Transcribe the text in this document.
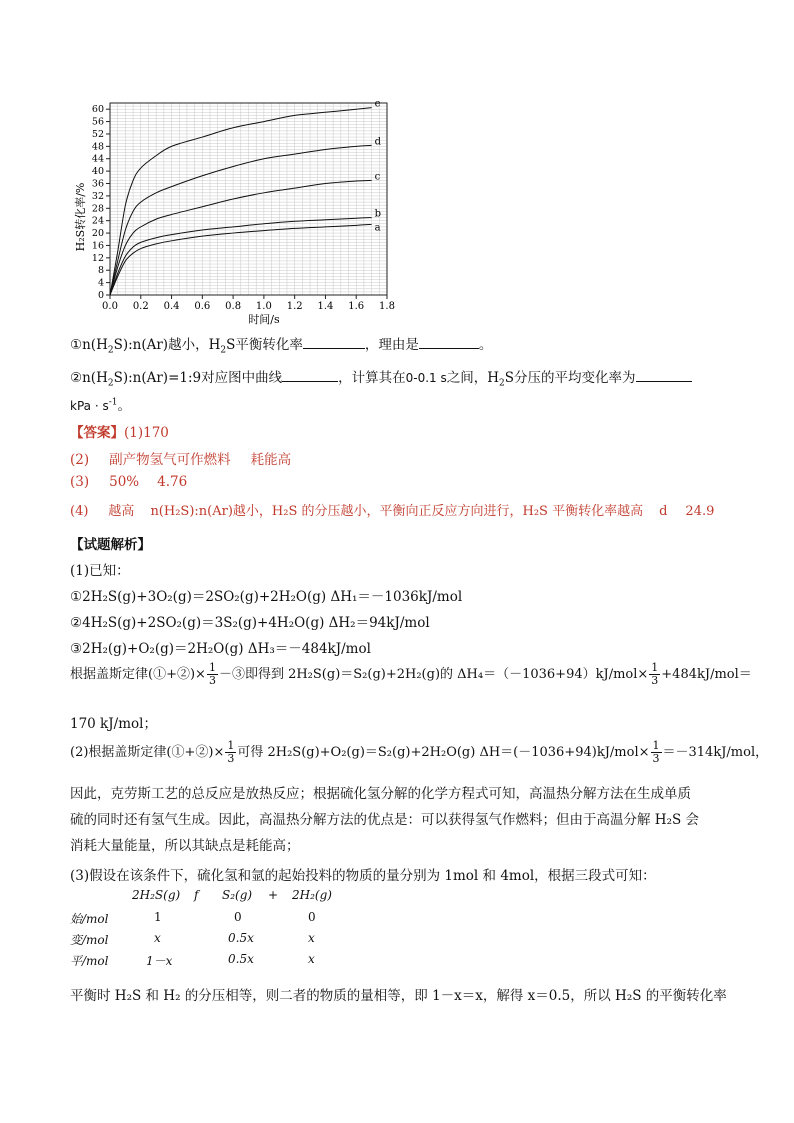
0.0 0.2 0.4 0.6 0.8 1.0 1.2 1.4 1.6 1.8
0
4
8
12
16
20
24
28
32
36
40
44
48
52
56
60
e
d
c
b
a
H₂S转化率/%
时间/s
$①n(H_2S):n(Ar)$越小，$H_2S$平衡转化率	，理由是	。
$②n(H_2S):n(Ar)=1:9$对应图中曲线	，计算其在0-0.1 s之间，$H_2S$分压的平均变化率为
kPa · $s^{-1}$。
【答案】(1)170
(2) 副产物氢气可作燃料 耗能高
(3) 50% 4.76
(4) 越高 n(H₂S):n(Ar)越小，H₂S 的分压越小，平衡向正反应方向进行，H₂S 平衡转化率越高 d 24.9
【试题解析】
(1)已知：
①2H₂S(g)+3O₂(g)＝2SO₂(g)+2H₂O(g) ΔH₁＝－1036kJ/mol
②4H₂S(g)+2SO₂(g)＝3S₂(g)+4H₂O(g) ΔH₂＝94kJ/mol
③2H₂(g)+O₂(g)＝2H₂O(g) ΔH₃＝－484kJ/mol
根据盖斯定律(①+②)× $\frac{1}{3}$ －③即得到 2H₂S(g)＝S₂(g)+2H₂(g)的 $\Delta H_4=(-1036+94)kJ/mol\times \frac{1}{3} +484kJ/mol=$
170 kJ/mol；
(2)根据盖斯定律(①+②)× $\frac{1}{3}$ 可得 2H₂S(g)+O₂(g)＝S₂(g)+2H₂O(g) $\Delta H=(-1036+94)kJ/mol\times \frac{1}{3} =-314kJ/mol$，
因此，克劳斯工艺的总反应是放热反应；根据硫化氢分解的化学方程式可知，高温热分解方法在生成单质
硫的同时还有氢气生成。因此，高温热分解方法的优点是：可以获得氢气作燃料；但由于高温分解 H₂S 会
消耗大量能量，所以其缺点是耗能高；
(3)假设在该条件下，硫化氢和氩的起始投料的物质的量分别为 1mol 和 4mol，根据三段式可知：
2H₂S(g) f S₂(g) + 2H₂(g)
始/mol	1	0	0
变/mol	x	0.5x	x
平/mol	1－x	0.5x	x
平衡时 H₂S 和 H₂ 的分压相等，则二者的物质的量相等，即 1－x＝x，解得 x＝0.5，所以 H₂S 的平衡转化率
